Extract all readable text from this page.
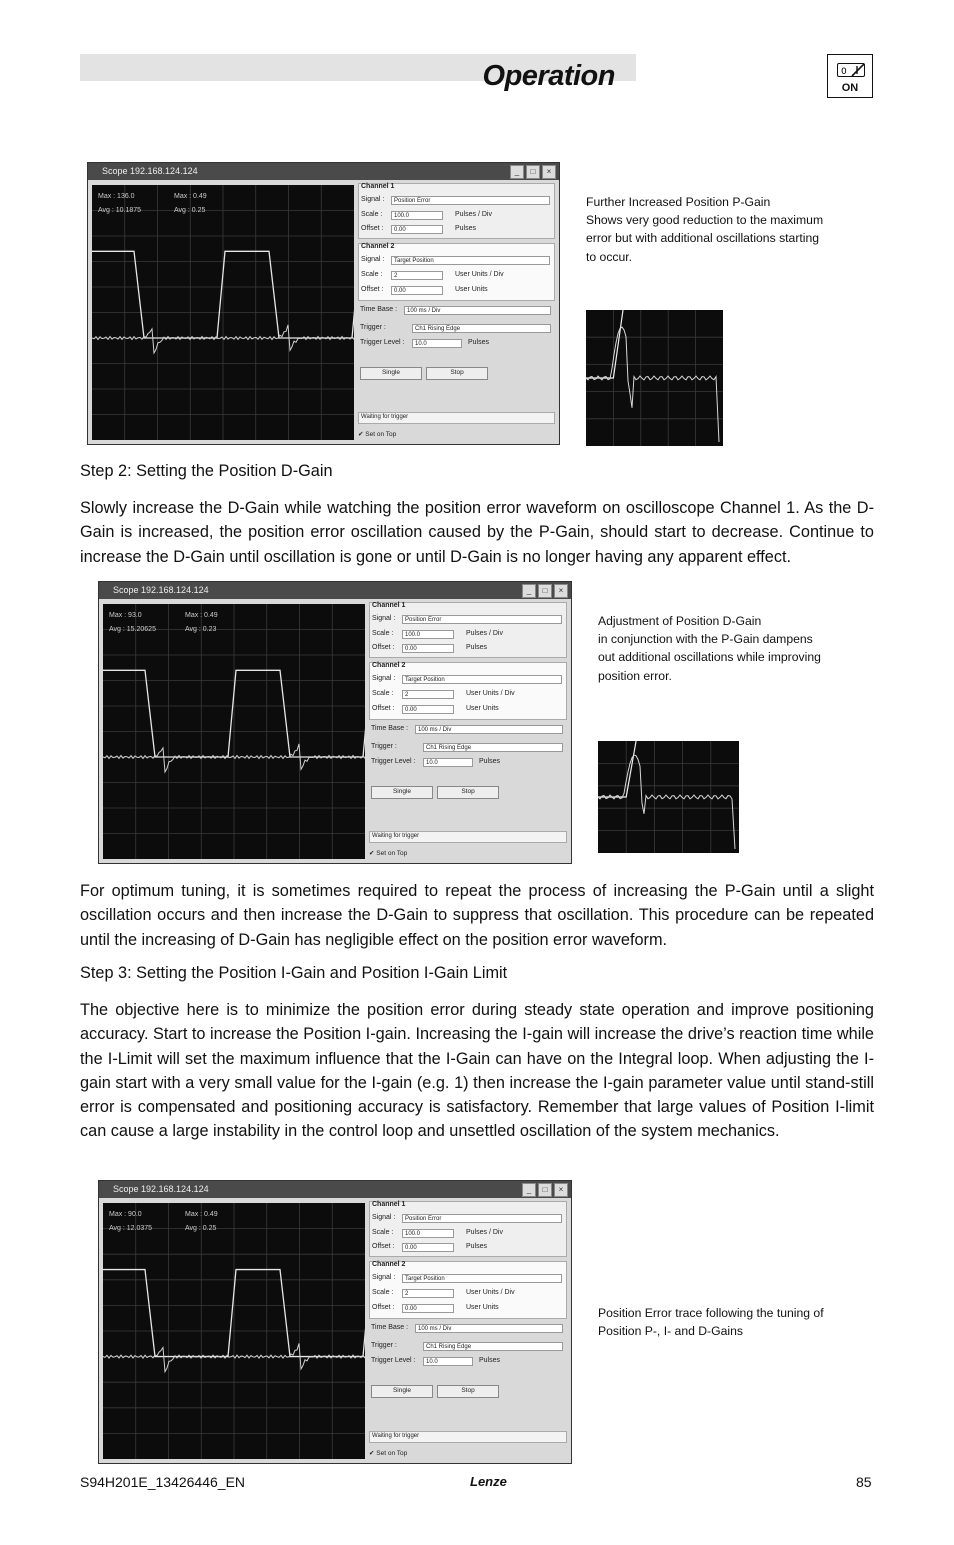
Operation	0
ON
Scope 192.168.124.124	_	□	×
Max : 136.0
Avg : 10.1875
Max : 0.49
Avg : 0.25
Channel 1
Signal :	Position Error
Scale :	100.0	Pulses / Div
Offset :	0.00	Pulses
Channel 2
Signal :	Target Position
Scale :	2	User Units / Div
Offset :	0.00	User Units
Time Base :	100 ms / Div
Trigger :	Ch1 Rising Edge
Trigger Level :	10.0	Pulses
Single	Stop
Waiting for trigger
✔ Set on Top
Further Increased Position P-Gain
Shows very good reduction to the maximum
error but with additional oscillations starting
to occur.

Step 2: Setting the Position D-Gain

Slowly increase the D-Gain while watching the position error waveform on oscilloscope Channel 1. As the D-Gain is increased, the position error oscillation caused by the P-Gain, should start to decrease. Continue to increase the D-Gain until oscillation is gone or until D-Gain is no longer having any apparent effect.

Scope 192.168.124.124	_	□	×
Max : 93.0
Avg : 15.20625
Max : 0.49
Avg : 0.23
Channel 1
Signal :	Position Error
Scale :	100.0	Pulses / Div
Offset :	0.00	Pulses
Channel 2
Signal :	Target Position
Scale :	2	User Units / Div
Offset :	0.00	User Units
Time Base :	100 ms / Div
Trigger :	Ch1 Rising Edge
Trigger Level :	10.0	Pulses
Single	Stop
Waiting for trigger
✔ Set on Top
Adjustment of Position D-Gain
in conjunction with the P-Gain dampens
out additional oscillations while improving
position error.

For optimum tuning, it is sometimes required to repeat the process of increasing the P-Gain until a slight oscillation occurs and then increase the D-Gain to suppress that oscillation. This procedure can be repeated until the increasing of D-Gain has negligible effect on the position error waveform.

Step 3: Setting the Position I-Gain and Position I-Gain Limit

The objective here is to minimize the position error during steady state operation and improve positioning accuracy. Start to increase the Position I-gain. Increasing the I-gain will increase the drive’s reaction time while the I-Limit will set the maximum influence that the I-Gain can have on the Integral loop. When adjusting the I-gain start with a very small value for the I-gain (e.g. 1) then increase the I-gain parameter value until stand-still error is compensated and positioning accuracy is satisfactory. Remember that large values of Position I-limit can cause a large instability in the control loop and unsettled oscillation of the system mechanics.

Scope 192.168.124.124	_	□	×
Max : 90.0
Avg : 12.0375
Max : 0.49
Avg : 0.25
Channel 1
Signal :	Position Error
Scale :	100.0	Pulses / Div
Offset :	0.00	Pulses
Channel 2
Signal :	Target Position
Scale :	2	User Units / Div
Offset :	0.00	User Units
Time Base :	100 ms / Div
Trigger :	Ch1 Rising Edge
Trigger Level :	10.0	Pulses
Single	Stop
Waiting for trigger
✔ Set on Top
Position Error trace following the tuning of
Position P-, I- and D-Gains
S94H201E_13426446_EN	Lenze	85
